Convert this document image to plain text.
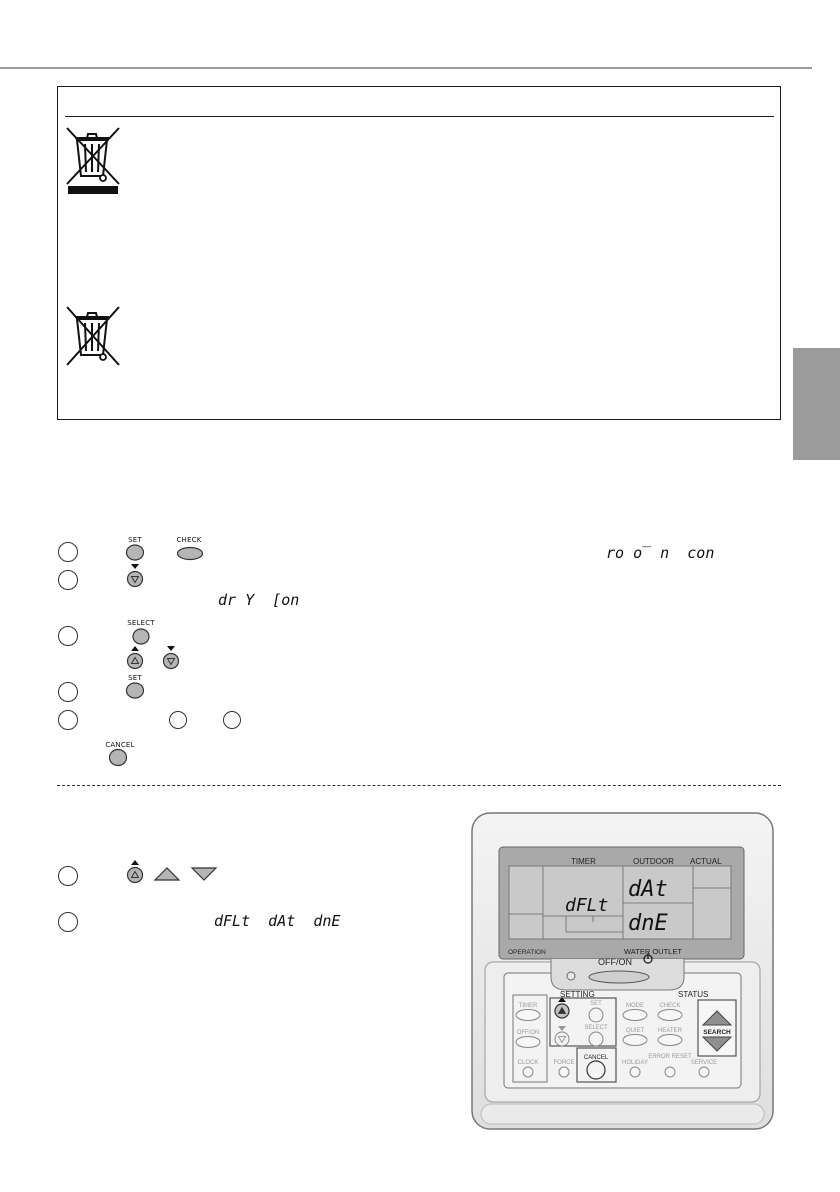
SET	CHECK
ro o̅ n  con
dr Y  [on
SELECT
SET
CANCEL
dFLt  dAt  dnE
TIMER	OUTDOOR ACTUAL
OPERATION	WATER OUTLET
OFF/ON
SETTING	STATUS
TIMER	SET	MODE	CHECK
OFF/ON
SELECT	QUIET HEATER
CLOCK	FORCE	HOLIDAY
ERROR RESET
SERVICE
CANCEL
SEARCH
dAt
dFLt
dnE
